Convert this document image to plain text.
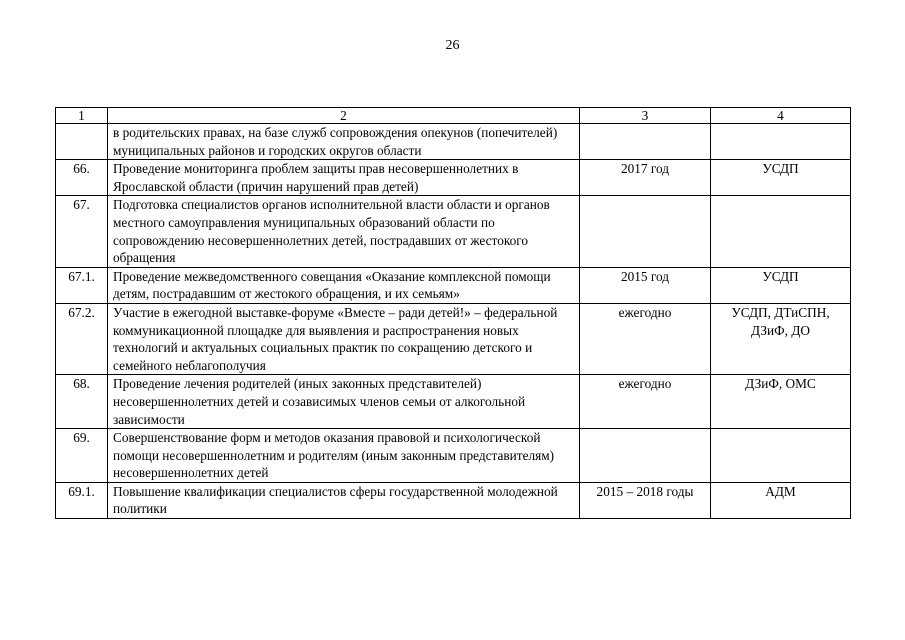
26
1	2	3	4
	в родительских правах, на базе служб сопровождения опекунов (попечителей) муниципальных районов и городских округов области		
66.	Проведение мониторинга проблем защиты прав несовершеннолетних в Ярославской области (причин нарушений прав детей)	2017 год	УСДП
67.	Подготовка специалистов органов исполнительной власти области и органов местного самоуправления муниципальных образований области по сопровождению несовершеннолетних детей, пострадавших от жестокого обращения		
67.1.	Проведение межведомственного совещания «Оказание комплексной помощи детям, пострадавшим от жестокого обращения, и их семьям»	2015 год	УСДП
67.2.	Участие в ежегодной выставке-форуме «Вместе – ради детей!» – федеральной коммуникационной площадке для выявления и распространения новых технологий и актуальных социальных практик по сокращению детского и семейного неблагополучия	ежегодно	УСДП, ДТиСПН, ДЗиФ, ДО
68.	Проведение лечения родителей (иных законных представителей) несовершеннолетних детей и созависимых членов семьи от алкогольной зависимости	ежегодно	ДЗиФ, ОМС
69.	Совершенствование форм и методов оказания правовой и психологической помощи несовершеннолетним и родителям (иным законным представителям) несовершеннолетних детей		
69.1.	Повышение квалификации специалистов сферы государственной молодежной политики	2015 – 2018 годы	АДМ
